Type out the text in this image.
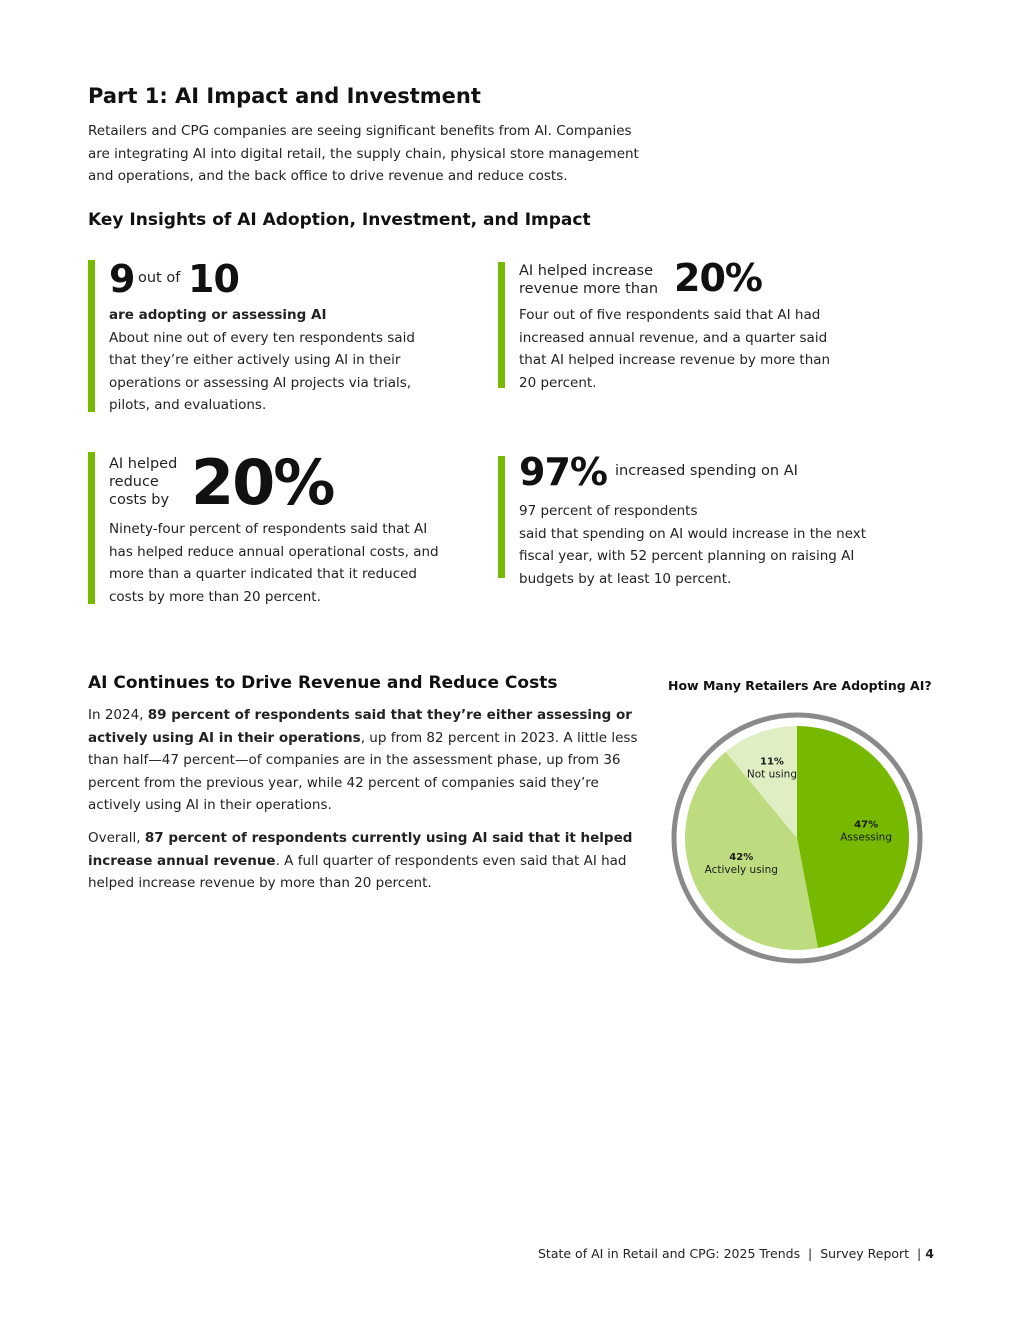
Part 1: AI Impact and Investment

Retailers and CPG companies are seeing significant benefits from AI. Companies are integrating AI into digital retail, the supply chain, physical store management and operations, and the back office to drive revenue and reduce costs.

Key Insights of AI Adoption, Investment, and Impact
9 out of 10

are adopting or assessing AI

About nine out of every ten respondents said that they’re either actively using AI in their operations or assessing AI projects via trials, pilots, and evaluations.

AI helped increase
revenue more than 20%

Four out of five respondents said that AI had increased annual revenue, and a quarter said that AI helped increase revenue by more than 20 percent.

AI helped
reduce
costs by 20%

Ninety-four percent of respondents said that AI has helped reduce annual operational costs, and more than a quarter indicated that it reduced costs by more than 20 percent.

97% increased spending on AI

97 percent of respondents

said that spending on AI would increase in the next fiscal year, with 52 percent planning on raising AI budgets by at least 10 percent.

AI Continues to Drive Revenue and Reduce Costs

In 2024, 89 percent of respondents said that they’re either assessing or actively using AI in their operations, up from 82 percent in 2023. A little less than half—47 percent—of companies are in the assessment phase, up from 36 percent from the previous year, while 42 percent of companies said they’re actively using AI in their operations.

Overall, 87 percent of respondents currently using AI said that it helped increase annual revenue. A full quarter of respondents even said that AI had helped increase revenue by more than 20 percent.

How Many Retailers Are Adopting AI?
47%
Assessing
42%
Actively using
11%
Not using
State of AI in Retail and CPG: 2025 Trends  |  Survey Report  | 4
